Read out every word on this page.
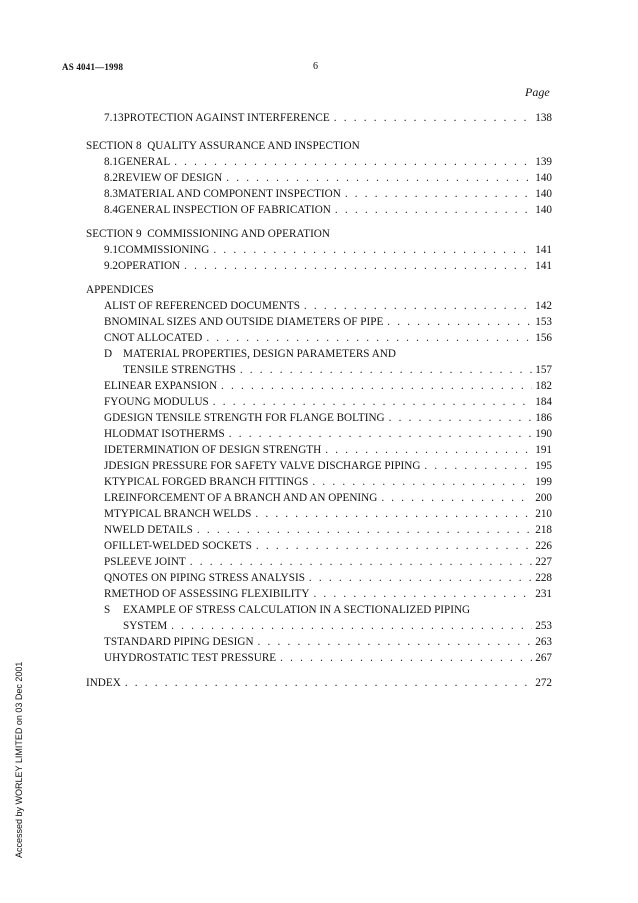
AS 4041—1998	6
Page
Accessed by WORLEY LIMITED on 03 Dec 2001
7.13 PROTECTION AGAINST INTERFERENCE . . .	138
SECTION 8  QUALITY ASSURANCE AND INSPECTION
8.1 GENERAL . . .	139
8.2 REVIEW OF DESIGN . . .	140
8.3 MATERIAL AND COMPONENT INSPECTION . . .	140
8.4 GENERAL INSPECTION OF FABRICATION . . .	140
SECTION 9  COMMISSIONING AND OPERATION
9.1 COMMISSIONING . . .	141
9.2 OPERATION . . .	141
APPENDICES
A LIST OF REFERENCED DOCUMENTS . . .	142
B NOMINAL SIZES AND OUTSIDE DIAMETERS OF PIPE . . .	153
C NOT ALLOCATED . . .	156
D MATERIAL PROPERTIES, DESIGN PARAMETERS AND
TENSILE STRENGTHS . . .	157
E LINEAR EXPANSION . . .	182
F YOUNG MODULUS . . .	184
G DESIGN TENSILE STRENGTH FOR FLANGE BOLTING . . .	186
H LODMAT ISOTHERMS . . .	190
I DETERMINATION OF DESIGN STRENGTH . . .	191
J DESIGN PRESSURE FOR SAFETY VALVE DISCHARGE PIPING . . .	195
K TYPICAL FORGED BRANCH FITTINGS . . .	199
L REINFORCEMENT OF A BRANCH AND AN OPENING . . .	200
M TYPICAL BRANCH WELDS . . .	210
N WELD DETAILS . . .	218
O FILLET-WELDED SOCKETS . . .	226
P SLEEVE JOINT . . .	227
Q NOTES ON PIPING STRESS ANALYSIS . . .	228
R METHOD OF ASSESSING FLEXIBILITY . . .	231
S	EXAMPLE OF STRESS CALCULATION IN A SECTIONALIZED PIPING
SYSTEM . . .	253
T STANDARD PIPING DESIGN . . .	263
U HYDROSTATIC TEST PRESSURE . . .	267
INDEX . . .	272
